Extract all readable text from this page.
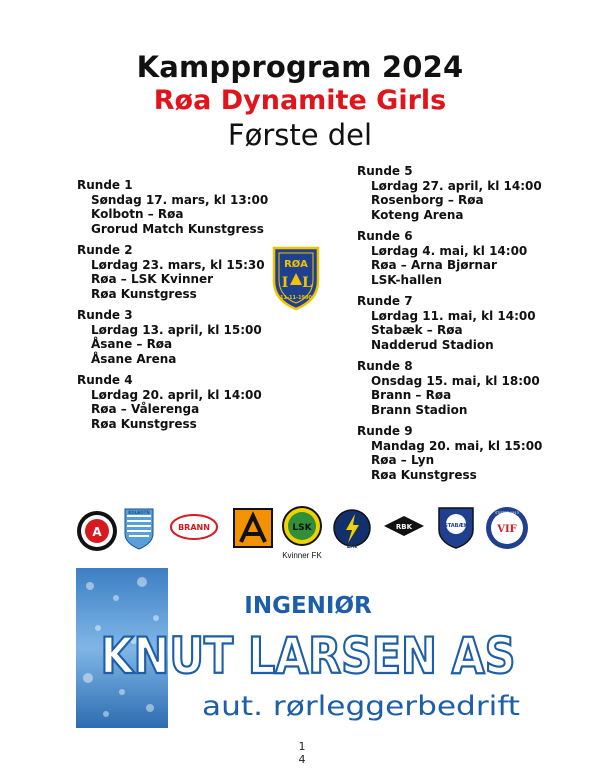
Kampprogram 2024
Røa Dynamite Girls
Første del
Runde 1
Søndag 17. mars, kl 13:00
Kolbotn – Røa
Grorud Match Kunstgress
Runde 2
Lørdag 23. mars, kl 15:30
Røa – LSK Kvinner
Røa Kunstgress
Runde 3
Lørdag 13. april, kl 15:00
Åsane – Røa
Åsane Arena
Runde 4
Lørdag 20. april, kl 14:00
Røa – Vålerenga
Røa Kunstgress
Runde 5
Lørdag 27. april, kl 14:00
Rosenborg – Røa
Koteng Arena
Runde 6
Lørdag 4. mai, kl 14:00
Røa – Arna Bjørnar
LSK-hallen
Runde 7
Lørdag 11. mai, kl 14:00
Stabæk – Røa
Nadderud Stadion
Runde 8
Onsdag 15. mai, kl 18:00
Brann – Røa
Brann Stadion
Runde 9
Mandag 20. mai, kl 15:00
Røa – Lyn
Røa Kunstgress
RØA
I L
11-11-1900
A
KOLBOTN
BRANN	LSK
Kvinner FK
LYN
RBK	STABÆK	VIF
STIFTET 1913
INGENIØR
KNUT LARSEN AS
aut. rørleggerbedrift
1
4
